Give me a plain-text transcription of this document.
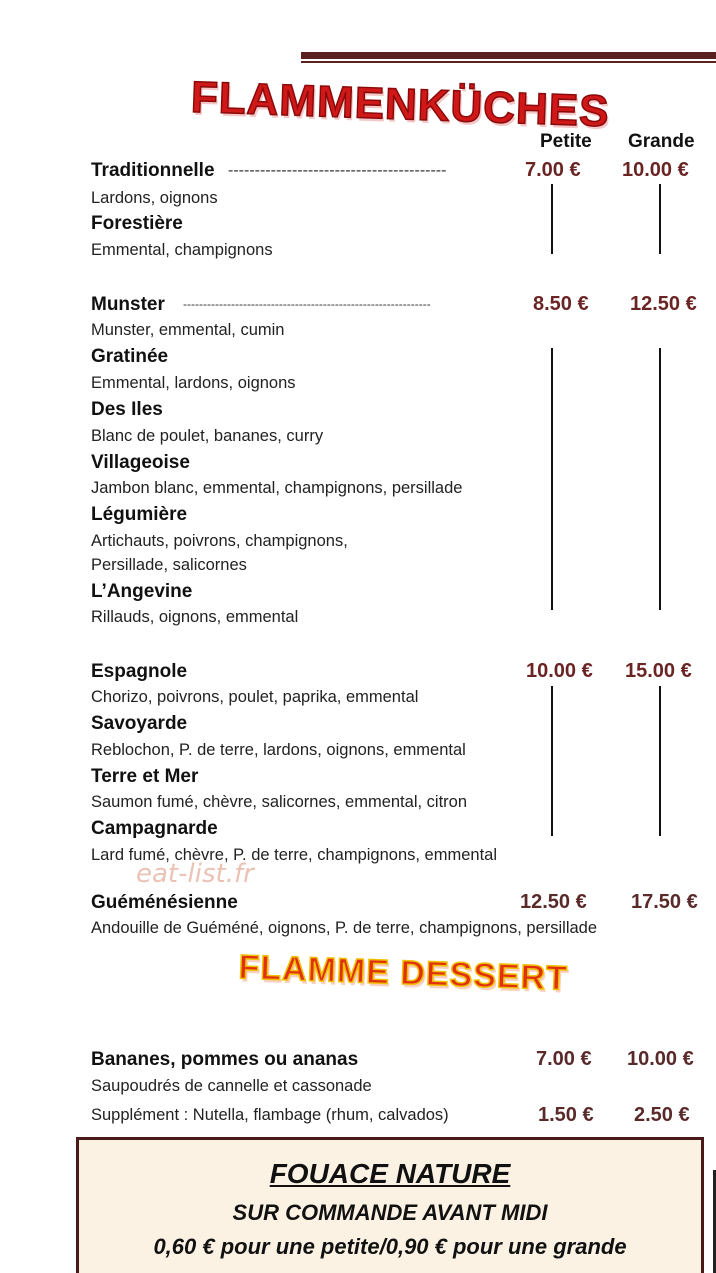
FLAMMENKÜCHES
Petite Grande
Traditionnelle -----------------------------------------	7.00 € 10.00 €
Lardons, oignons
Forestière
Emmental, champignons
Munster --------------------------------------------------------------	8.50 € 12.50 €
Munster, emmental, cumin
Gratinée
Emmental, lardons, oignons
Des Iles
Blanc de poulet, bananes, curry
Villageoise
Jambon blanc, emmental, champignons, persillade
Légumière
Artichauts, poivrons, champignons,
Persillade, salicornes
L’Angevine
Rillauds, oignons, emmental
Espagnole	10.00 € 15.00 €
Chorizo, poivrons, poulet, paprika, emmental
Savoyarde
Reblochon, P. de terre, lardons, oignons, emmental
Terre et Mer
Saumon fumé, chèvre, salicornes, emmental, citron
Campagnarde
Lard fumé, chèvre, P. de terre, champignons, emmental
eat-list.fr
Guéménésienne	12.50 € 17.50 €
Andouille de Guéméné, oignons, P. de terre, champignons, persillade
FLAMME DESSERT
Bananes, pommes ou ananas	7.00 € 10.00 €
Saupoudrés de cannelle et cassonade
Supplément : Nutella, flambage (rhum, calvados)	1.50 € 2.50 €
FOUACE NATURE
SUR COMMANDE AVANT MIDI
0,60 € pour une petite/0,90 € pour une grande
